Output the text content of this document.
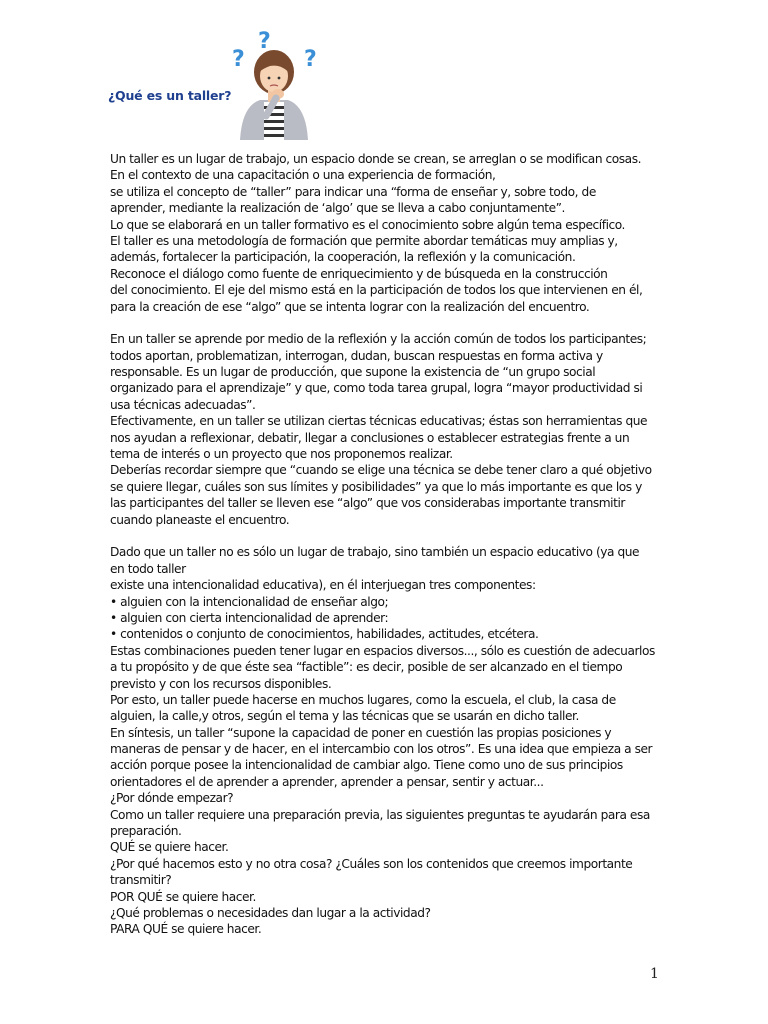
?
?
?
¿Qué es un taller?
Un taller es un lugar de trabajo, un espacio donde se crean, se arreglan o se modifican cosas.
En el contexto de una capacitación o una experiencia de formación,
se utiliza el concepto de “taller” para indicar una “forma de enseñar y, sobre todo, de
aprender, mediante la realización de ‘algo’ que se lleva a cabo conjuntamente”.
Lo que se elaborará en un taller formativo es el conocimiento sobre algún tema específico.
El taller es una metodología de formación que permite abordar temáticas muy amplias y,
además, fortalecer la participación, la cooperación, la reflexión y la comunicación.
Reconoce el diálogo como fuente de enriquecimiento y de búsqueda en la construcción
del conocimiento. El eje del mismo está en la participación de todos los que intervienen en él,
para la creación de ese “algo” que se intenta lograr con la realización del encuentro.
En un taller se aprende por medio de la reflexión y la acción común de todos los participantes;
todos aportan, problematizan, interrogan, dudan, buscan respuestas en forma activa y
responsable. Es un lugar de producción, que supone la existencia de “un grupo social
organizado para el aprendizaje” y que, como toda tarea grupal, logra “mayor productividad si
usa técnicas adecuadas”.
Efectivamente, en un taller se utilizan ciertas técnicas educativas; éstas son herramientas que
nos ayudan a reflexionar, debatir, llegar a conclusiones o establecer estrategias frente a un
tema de interés o un proyecto que nos proponemos realizar.
Deberías recordar siempre que “cuando se elige una técnica se debe tener claro a qué objetivo
se quiere llegar, cuáles son sus límites y posibilidades” ya que lo más importante es que los y
las participantes del taller se lleven ese “algo” que vos considerabas importante transmitir
cuando planeaste el encuentro.
Dado que un taller no es sólo un lugar de trabajo, sino también un espacio educativo (ya que
en todo taller
existe una intencionalidad educativa), en él interjuegan tres componentes:
• alguien con la intencionalidad de enseñar algo;
• alguien con cierta intencionalidad de aprender:
• contenidos o conjunto de conocimientos, habilidades, actitudes, etcétera.
Estas combinaciones pueden tener lugar en espacios diversos..., sólo es cuestión de adecuarlos
a tu propósito y de que éste sea “factible”: es decir, posible de ser alcanzado en el tiempo
previsto y con los recursos disponibles.
Por esto, un taller puede hacerse en muchos lugares, como la escuela, el club, la casa de
alguien, la calle,y otros, según el tema y las técnicas que se usarán en dicho taller.
En síntesis, un taller “supone la capacidad de poner en cuestión las propias posiciones y
maneras de pensar y de hacer, en el intercambio con los otros”. Es una idea que empieza a ser
acción porque posee la intencionalidad de cambiar algo. Tiene como uno de sus principios
orientadores el de aprender a aprender, aprender a pensar, sentir y actuar...
¿Por dónde empezar?
Como un taller requiere una preparación previa, las siguientes preguntas te ayudarán para esa
preparación.
QUÉ se quiere hacer.
¿Por qué hacemos esto y no otra cosa? ¿Cuáles son los contenidos que creemos importante
transmitir?
POR QUÉ se quiere hacer.
¿Qué problemas o necesidades dan lugar a la actividad?
PARA QUÉ se quiere hacer.
1
